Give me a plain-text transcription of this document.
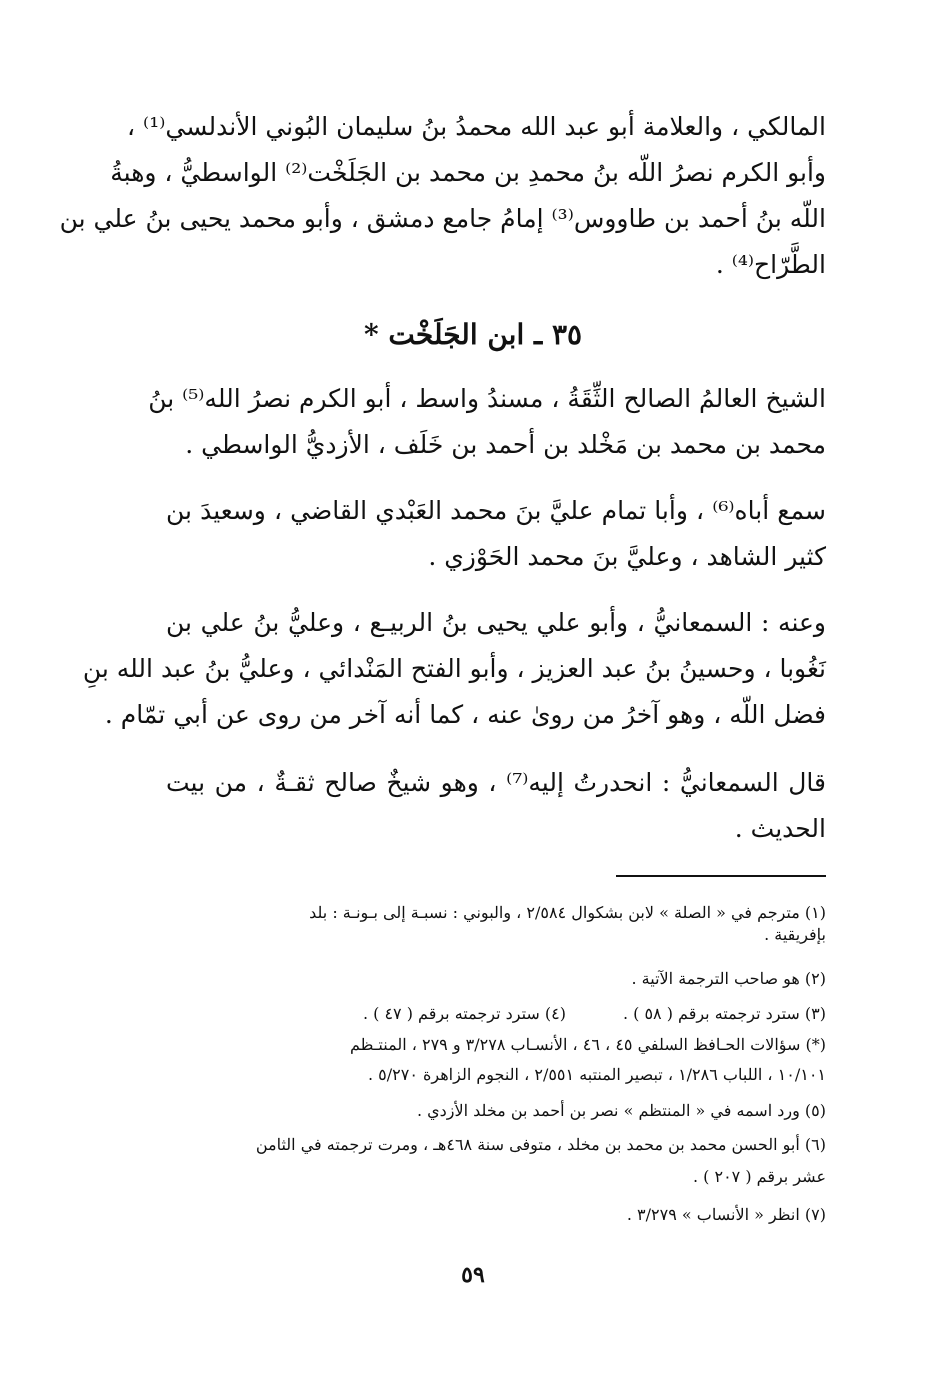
المالكي ، والعلامة أبو عبد الله محمدُ بنُ سليمان البُوني الأندلسي⁽¹⁾ ،
وأبو الكرم نصرُ اللّه بنُ محمدِ بن محمد بن الجَلَخْت⁽²⁾ الواسطيُّ ، وهبةُ
اللّه بنُ أحمد بن طاووس⁽³⁾ إمامُ جامع دمشق ، وأبو محمد يحيى بنُ علي بن
الطَّرّاح⁽⁴⁾ .
٣٥ ـ ابن الجَلَخْت *
الشيخ العالمُ الصالح الثِّقَةُ ، مسندُ واسط ، أبو الكرم نصرُ الله⁽⁵⁾ بنُ
محمد بن محمد بن مَخْلد بن أحمد بن خَلَف ، الأزديُّ الواسطي .
سمع أباه⁽⁶⁾ ، وأبا تمام عليَّ بنَ محمد العَبْدي القاضي ، وسعيدَ بن
كثير الشاهد ، وعليَّ بنَ محمد الحَوْزي .
وعنه : السمعانيُّ ، وأبو علي يحيى بنُ الربيـع ، وعليُّ بنُ علي بن
نَغُوبا ، وحسينُ بنُ عبد العزيز ، وأبو الفتح المَنْدائي ، وعليُّ بنُ عبد الله بنِ
فضل اللّه ، وهو آخرُ من روىٰ عنه ، كما أنه آخر من روى عن أبي تمّام .
قال السمعانيُّ : انحدرتُ إليه⁽⁷⁾ ، وهو شيخٌ صالح ثقـةٌ ، من بيت
الحديث .
(١) مترجم في « الصلة » لابن بشكوال ٢/٥٨٤ ، والبوني : نسبـة إلى بـونـة : بلد
بإفريقية .
(٢) هو صاحب الترجمة الآتية .
(٣) سترد ترجمته برقم ( ٥٨ ) .
(٤) سترد ترجمته برقم ( ٤٧ ) .
(*) سؤالات الحـافظ السلفي ٤٥ ، ٤٦ ، الأنسـاب ٣/٢٧٨ و ٢٧٩ ، المنتـظم
١٠/١٠١ ، اللباب ١/٢٨٦ ، تبصير المنتبه ٢/٥٥١ ، النجوم الزاهرة ٥/٢٧٠ .
(٥) ورد اسمه في « المنتظم » نصر بن أحمد بن مخلد الأزدي .
(٦) أبو الحسن محمد بن محمد بن مخلد ، متوفى سنة ٤٦٨هـ ، ومرت ترجمته في الثامن
عشر برقم ( ٢٠٧ ) .
(٧) انظر « الأنساب » ٣/٢٧٩ .
٥٩
